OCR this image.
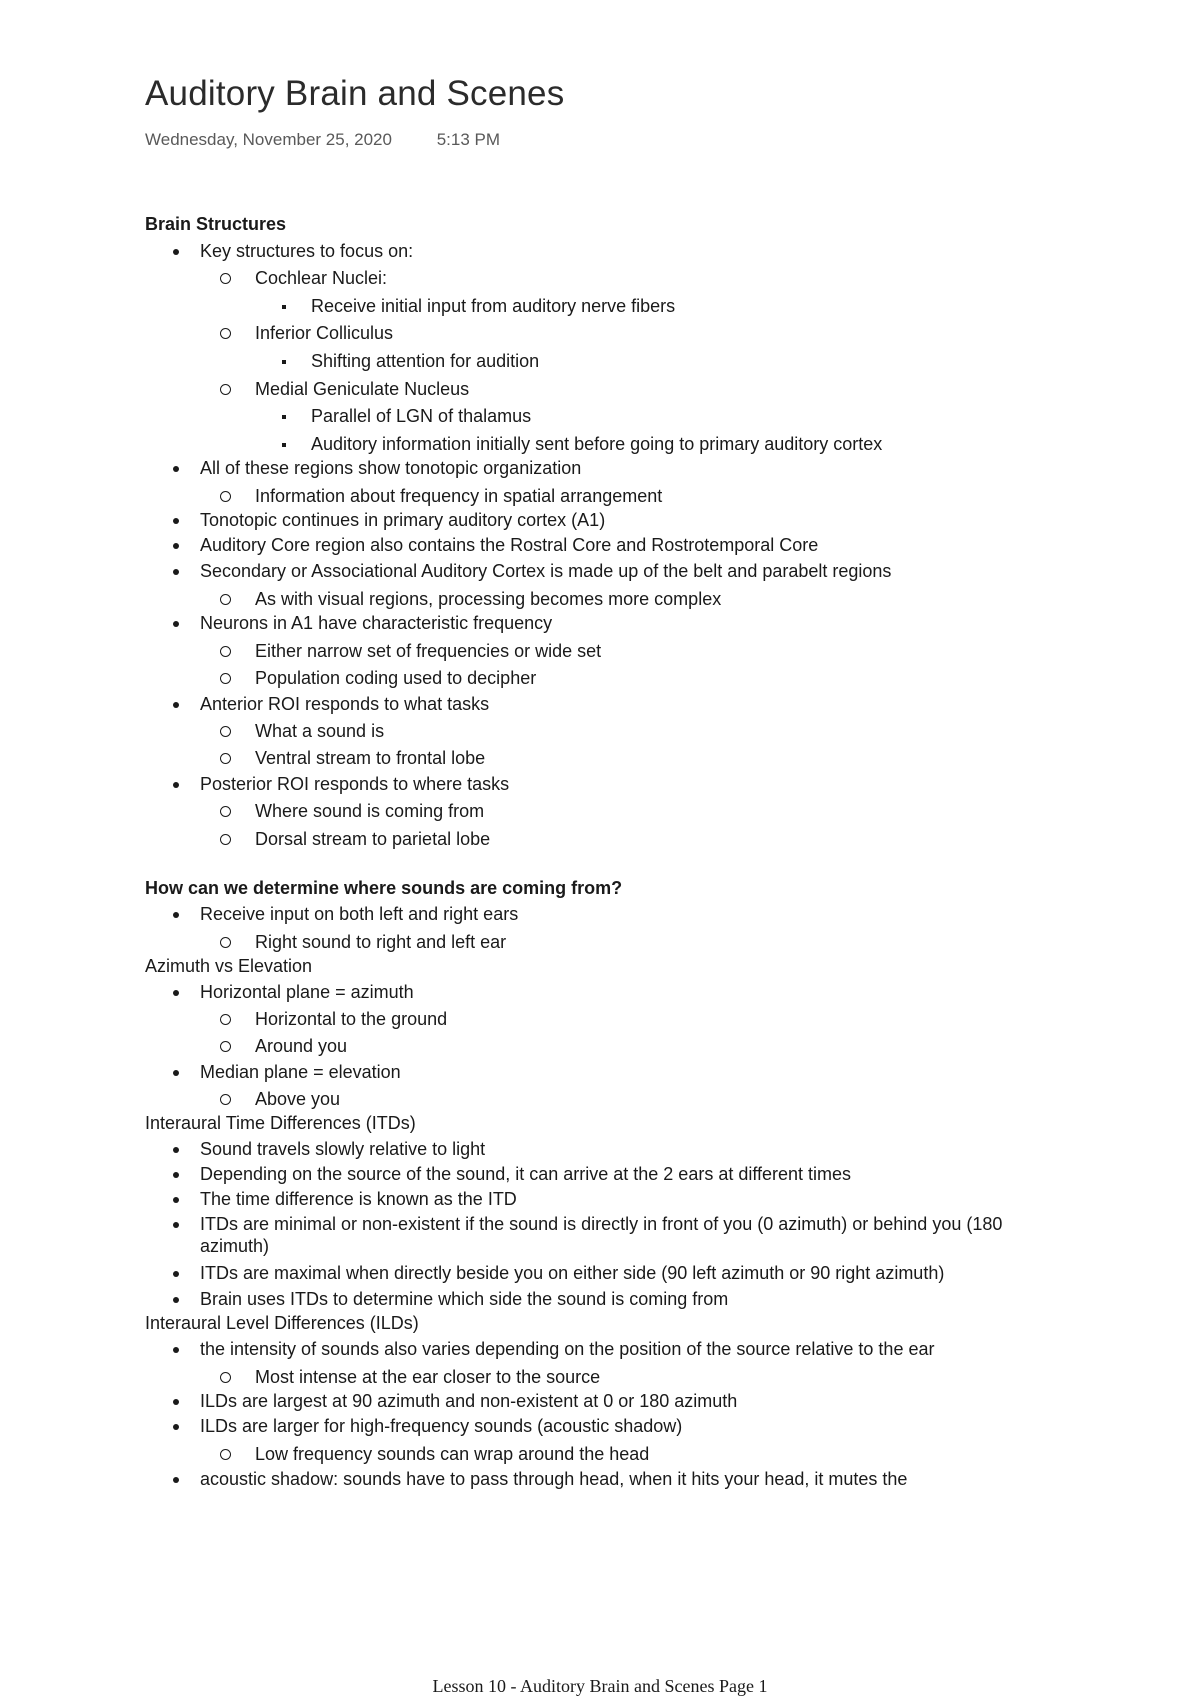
Auditory Brain and Scenes
Wednesday, November 25, 2020	5:13 PM
Brain Structures
Key structures to focus on:
Cochlear Nuclei:
Receive initial input from auditory nerve fibers
Inferior Colliculus
Shifting attention for audition
Medial Geniculate Nucleus
Parallel of LGN of thalamus
Auditory information initially sent before going to primary auditory cortex
All of these regions show tonotopic organization
Information about frequency in spatial arrangement
Tonotopic continues in primary auditory cortex (A1)
Auditory Core region also contains the Rostral Core and Rostrotemporal Core
Secondary or Associational Auditory Cortex is made up of the belt and parabelt regions
As with visual regions, processing becomes more complex
Neurons in A1 have characteristic frequency
Either narrow set of frequencies or wide set
Population coding used to decipher
Anterior ROI responds to what tasks
What a sound is
Ventral stream to frontal lobe
Posterior ROI responds to where tasks
Where sound is coming from
Dorsal stream to parietal lobe
How can we determine where sounds are coming from?
Receive input on both left and right ears
Right sound to right and left ear
Azimuth vs Elevation
Horizontal plane = azimuth
Horizontal to the ground
Around you
Median plane = elevation
Above you
Interaural Time Differences (ITDs)
Sound travels slowly relative to light
Depending on the source of the sound, it can arrive at the 2 ears at different times
The time difference is known as the ITD
ITDs are minimal or non-existent if the sound is directly in front of you (0 azimuth) or behind you (180 azimuth)
ITDs are maximal when directly beside you on either side (90 left azimuth or 90 right azimuth)
Brain uses ITDs to determine which side the sound is coming from
Interaural Level Differences (ILDs)
the intensity of sounds also varies depending on the position of the source relative to the ear
Most intense at the ear closer to the source
ILDs are largest at 90 azimuth and non-existent at 0 or 180 azimuth
ILDs are larger for high-frequency sounds (acoustic shadow)
Low frequency sounds can wrap around the head
acoustic shadow: sounds have to pass through head, when it hits your head, it mutes the
Lesson 10 - Auditory Brain and Scenes Page 1
